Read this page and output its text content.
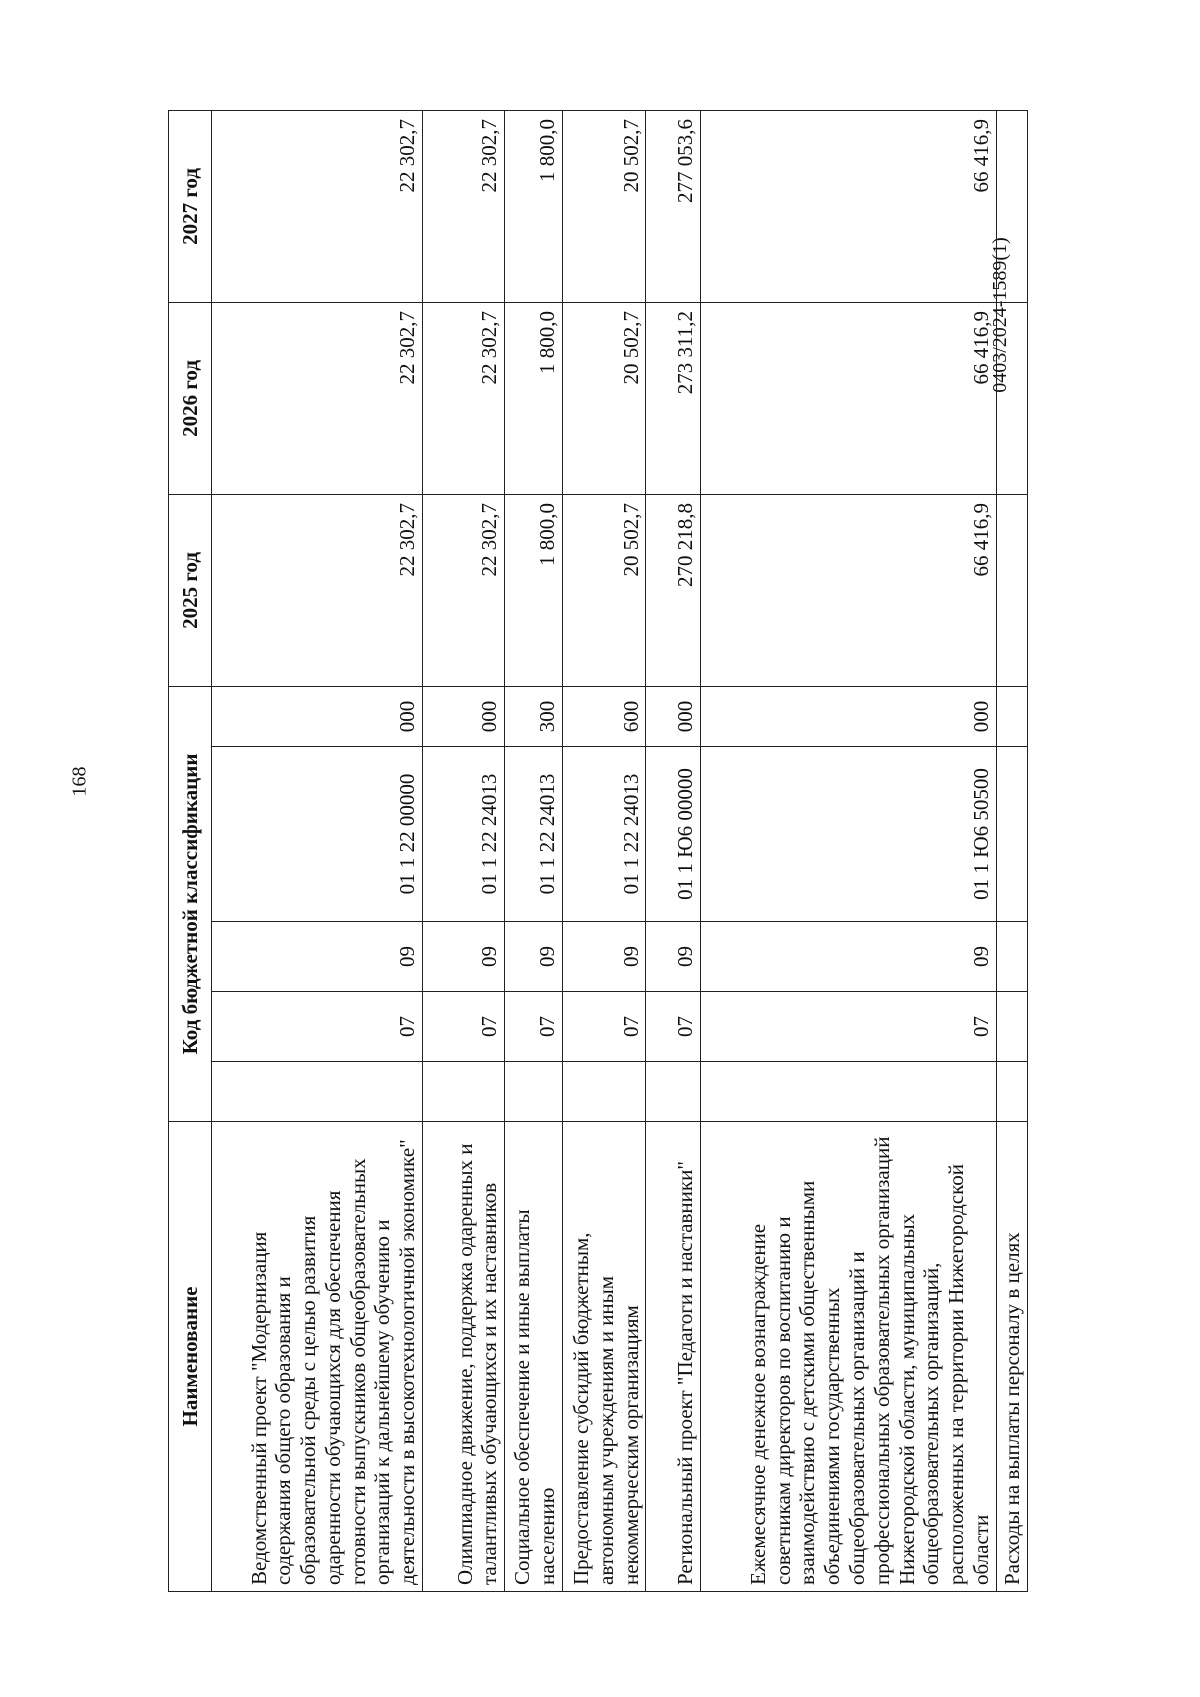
168
0403/2024-1589(1)
Наименование	Код бюджетной классификации					2025 год	2026 год	2027 год
Ведомственный проект "Модернизация содержания общего образования и образовательной среды с целью развития одаренности обучающихся для обеспечения готовности выпускников общеобразовательных организаций к дальнейшему обучению и деятельности в высокотехнологичной экономике"		07	09	01 1 22 00000	000	22 302,7	22 302,7	22 302,7
Олимпиадное движение, поддержка одаренных и талантливых обучающихся и их наставников		07	09	01 1 22 24013	000	22 302,7	22 302,7	22 302,7
Социальное обеспечение и иные выплаты населению		07	09	01 1 22 24013	300	1 800,0	1 800,0	1 800,0
Предоставление субсидий бюджетным, автономным учреждениям и иным некоммерческим организациям		07	09	01 1 22 24013	600	20 502,7	20 502,7	20 502,7
Региональный проект "Педагоги и наставники"		07	09	01 1 Ю6 00000	000	270 218,8	273 311,2	277 053,6
Ежемесячное денежное вознаграждение советникам директоров по воспитанию и взаимодействию с детскими общественными объединениями государственных общеобразовательных организаций и профессиональных образовательных организаций Нижегородской области, муниципальных общеобразовательных организаций, расположенных на территории Нижегородской области		07	09	01 1 Ю6 50500	000	66 416,9	66 416,9	66 416,9
Расходы на выплаты персоналу в целях								
